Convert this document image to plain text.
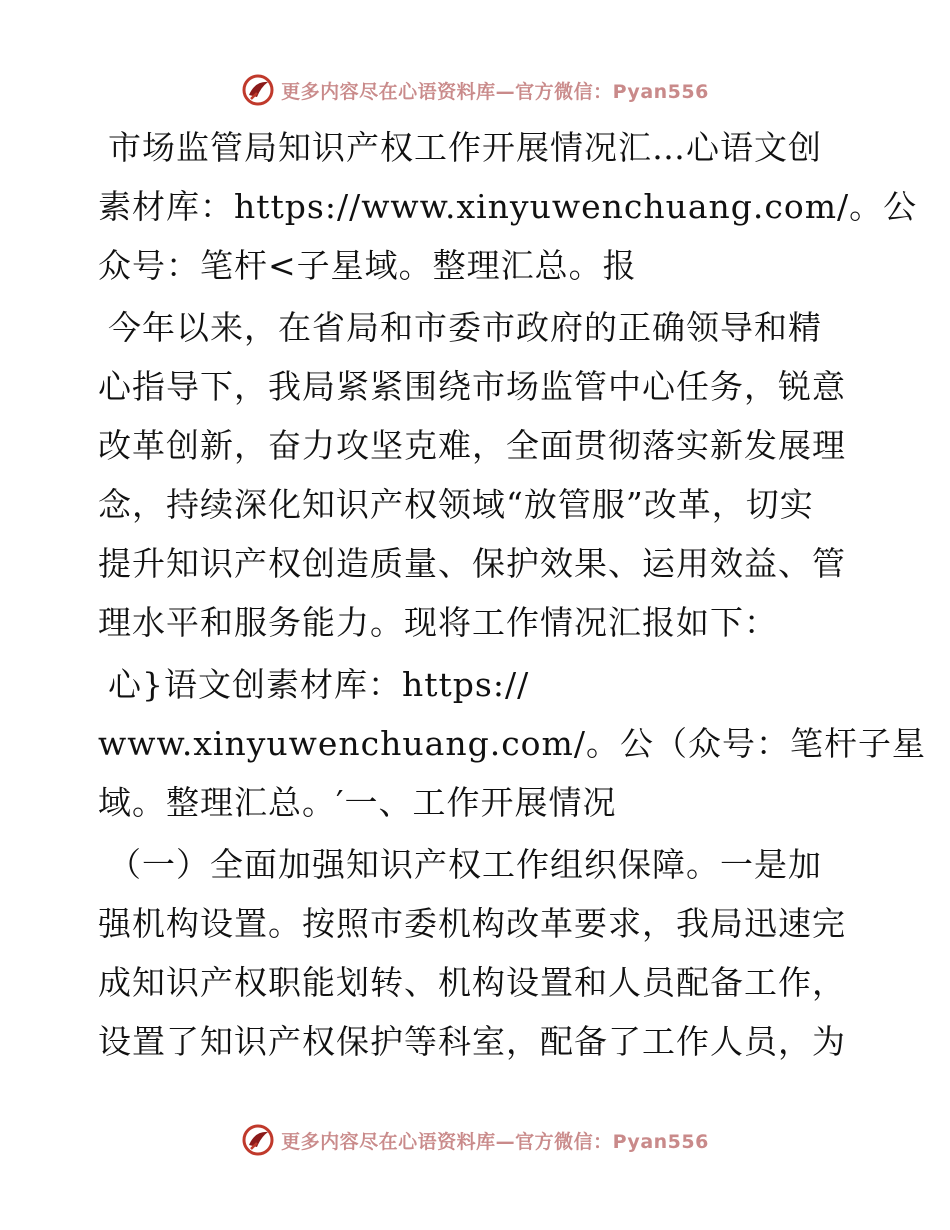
更多内容尽在心语资料库—官方微信：Pyan556
市场监管局知识产权工作开展情况汇…心语文创
素材库：https://www.xinyuwenchuang.com/。公
众号：笔杆<子星域。整理汇总。报
今年以来，在省局和市委市政府的正确领导和精
心指导下，我局紧紧围绕市场监管中心任务，锐意
改革创新，奋力攻坚克难，全面贯彻落实新发展理
念，持续深化知识产权领域“放管服”改革，切实
提升知识产权创造质量、保护效果、运用效益、管
理水平和服务能力。现将工作情况汇报如下：
心}语文创素材库：https://
www.xinyuwenchuang.com/。公（众号：笔杆子星
域。整理汇总。′一、工作开展情况
（一）全面加强知识产权工作组织保障。一是加
强机构设置。按照市委机构改革要求，我局迅速完
成知识产权职能划转、机构设置和人员配备工作，
设置了知识产权保护等科室，配备了工作人员，为
更多内容尽在心语资料库—官方微信：Pyan556
